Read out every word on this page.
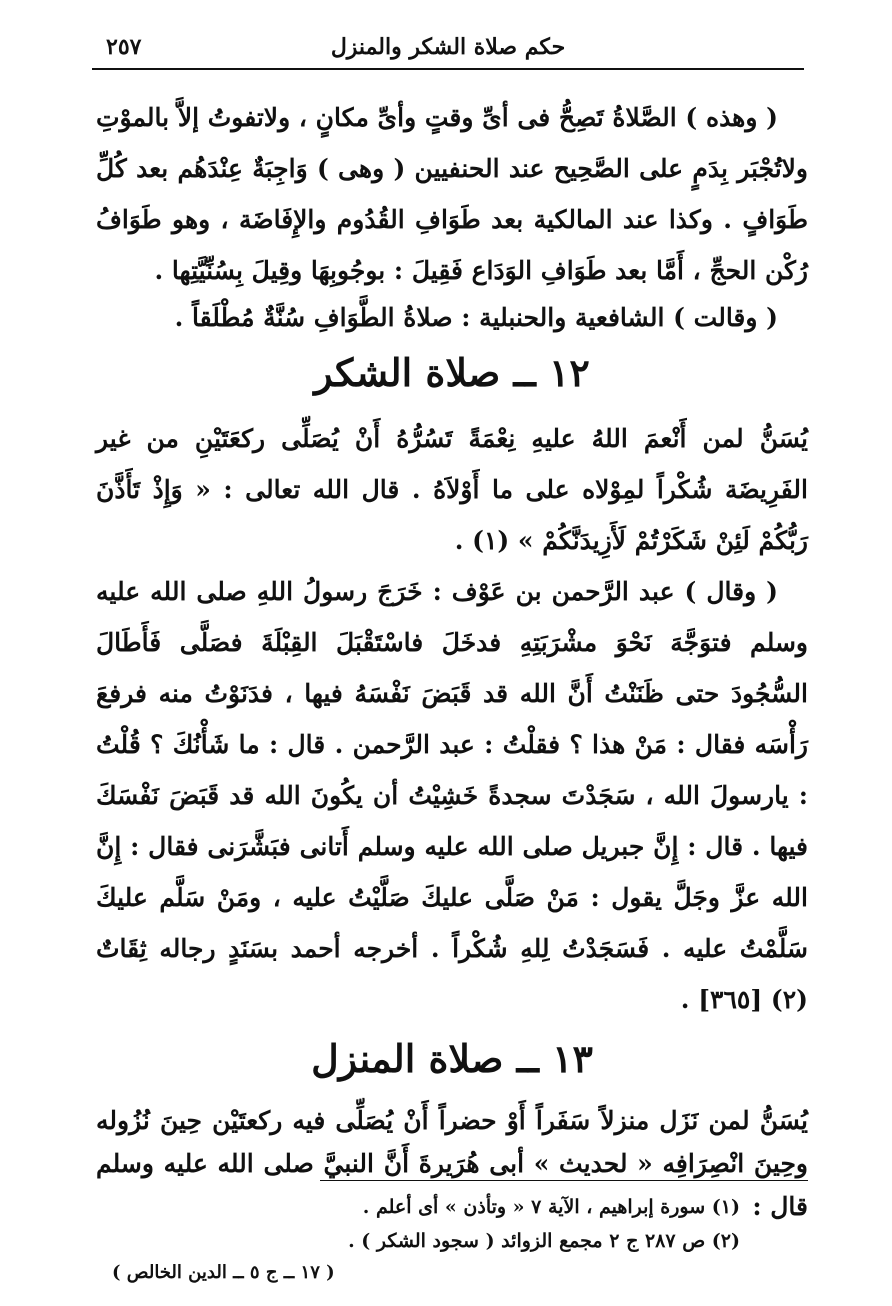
حكم صلاة الشكر والمنزل
٢٥٧

( وهذه ) الصَّلاةُ تَصِحُّ فى أىِّ وقتٍ وأىِّ مكانٍ ، ولاتفوتُ إلاَّ بالموْتِ ولاتُجْبَر بِدَمٍ على الصَّحِيح عند الحنفيين ( وهى ) وَاجِبَةٌ عِنْدَهُم بعد كُلِّ طَوَافٍ . وكذا عند المالكية بعد طَوَافِ القُدُوم والإِفَاضَة ، وهو طَوَافُ رُكْن الحجِّ ، أَمَّا بعد طَوَافِ الوَدَاع فَقِيلَ : بوجُوبِهَا وقِيلَ بِسُنِّيَّتِها .

( وقالت ) الشافعية والحنبلية : صلاةُ الطَّوَافِ سُنَّةٌ مُطْلَقاً .

١٢ ــ صلاة الشكر

يُسَنُّ لمن أَنْعمَ اللهُ عليهِ نِعْمَةً تَسُرُّهُ أَنْ يُصَلِّى ركعَتَيْنِ من غير الفَرِيضَة شُكْراً لمِوْلاه على ما أَوْلاَهُ . قال الله تعالى : « وَإِذْ تَأَذَّنَ رَبُّكُمْ لَئِنْ شَكَرْتُمْ لَأَزِيدَنَّكُمْ » (١) .

( وقال ) عبد الرَّحمن بن عَوْف : خَرَجَ رسولُ اللهِ صلى الله عليه وسلم فتوَجَّهَ نَحْوَ مشْرَبَتِهِ فدخَلَ فاسْتَقْبَلَ القِبْلَةَ فصَلَّى فَأَطَالَ السُّجُودَ حتى ظَنَنْتُ أَنَّ الله قد قَبَضَ نَفْسَهُ فيها ، فدَنَوْتُ منه فرفعَ رَأْسَه فقال : مَنْ هذا ؟ فقلْتُ : عبد الرَّحمن . قال : ما شَأْنُكَ ؟ قُلْتُ : يارسولَ الله ، سَجَدْتَ سجدةً خَشِيْتُ أن يكُونَ الله قد قَبَضَ نَفْسَكَ فيها . قال : إِنَّ جبريل صلى الله عليه وسلم أَتانى فبَشَّرَنى فقال : إِنَّ الله عزَّ وجَلَّ يقول : مَنْ صَلَّى عليكَ صَلَّيْتُ عليه ، ومَنْ سَلَّم عليكَ سَلَّمْتُ عليه . فَسَجَدْتُ لِلهِ شُكْراً . أخرجه أحمد بسَنَدٍ رجاله ثِقَاتٌ (٢) [٣٦٥] .

١٣ ــ صلاة المنزل

يُسَنُّ لمن نَزَل منزلاً سَفَراً أَوْ حضراً أَنْ يُصَلِّى فيه ركعتَيْن حِينَ نُزُوله وحِينَ انْصِرَافِه « لحديث » أبى هُرَيرةَ أَنَّ النبيَّ صلى الله عليه وسلم قال :

(١) سورة إبراهيم ، الآية ٧ « وتأذن » أى أعلم .

(٢) ص ٢٨٧ ج ٢ مجمع الزوائد ( سجود الشكر ) .

( ١٧ ــ ج ٥ ــ الدين الخالص )
